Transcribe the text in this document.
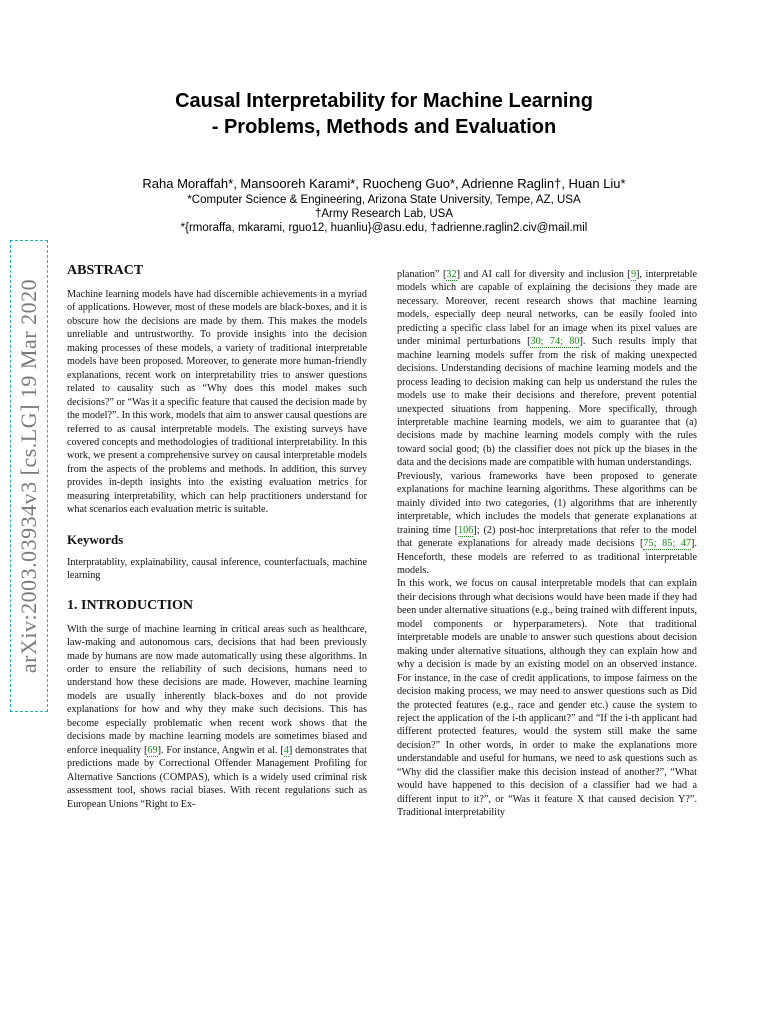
arXiv:2003.03934v3 [cs.LG] 19 Mar 2020
Causal Interpretability for Machine Learning
- Problems, Methods and Evaluation
Raha Moraffah*, Mansooreh Karami*, Ruocheng Guo*, Adrienne Raglin†, Huan Liu*
*Computer Science & Engineering, Arizona State University, Tempe, AZ, USA
†Army Research Lab, USA
*{rmoraffa, mkarami, rguo12, huanliu}@asu.edu, †adrienne.raglin2.civ@mail.mil
ABSTRACT

Machine learning models have had discernible achievements in a myriad of applications. However, most of these models are black-boxes, and it is obscure how the decisions are made by them. This makes the models unreliable and untrustworthy. To provide insights into the decision making processes of these models, a variety of traditional interpretable models have been proposed. Moreover, to generate more human-friendly explanations, recent work on interpretability tries to answer questions related to causality such as “Why does this model makes such decisions?” or “Was it a specific feature that caused the decision made by the model?”. In this work, models that aim to answer causal questions are referred to as causal interpretable models. The existing surveys have covered concepts and methodologies of traditional interpretability. In this work, we present a comprehensive survey on causal interpretable models from the aspects of the problems and methods. In addition, this survey provides in-depth insights into the existing evaluation metrics for measuring interpretability, which can help practitioners understand for what scenarios each evaluation metric is suitable.

Keywords

Interpratablity, explainability, causal inference, counterfactuals, machine learning

1. INTRODUCTION

With the surge of machine learning in critical areas such as healthcare, law-making and autonomous cars, decisions that had been previously made by humans are now made automatically using these algorithms. In order to ensure the reliability of such decisions, humans need to understand how these decisions are made. However, machine learning models are usually inherently black-boxes and do not provide explanations for how and why they make such decisions. This has become especially problematic when recent work shows that the decisions made by machine learning models are sometimes biased and enforce inequality [69]. For instance, Angwin et al. [4] demonstrates that predictions made by Correctional Offender Management Profiling for Alternative Sanctions (COMPAS), which is a widely used criminal risk assessment tool, shows racial biases. With recent regulations such as European Unions “Right to Ex-

planation” [32] and AI call for diversity and inclusion [9], interpretable models which are capable of explaining the decisions they made are necessary. Moreover, recent research shows that machine learning models, especially deep neural networks, can be easily fooled into predicting a specific class label for an image when its pixel values are under minimal perturbations [30; 74; 80]. Such results imply that machine learning models suffer from the risk of making unexpected decisions. Understanding decisions of machine learning models and the process leading to decision making can help us understand the rules the models use to make their decisions and therefore, prevent potential unexpected situations from happening. More specifically, through interpretable machine learning models, we aim to guarantee that (a) decisions made by machine learning models comply with the rules toward social good; (b) the classifier does not pick up the biases in the data and the decisions made are compatible with human understandings.

Previously, various frameworks have been proposed to generate explanations for machine learning algorithms. These algorithms can be mainly divided into two categories, (1) algorithms that are inherently interpretable, which includes the models that generate explanations at training time [106]; (2) post-hoc interpretations that refer to the model that generate explanations for already made decisions [75; 85; 47]. Henceforth, these models are referred to as traditional interpretable models.

In this work, we focus on causal interpretable models that can explain their decisions through what decisions would have been made if they had been under alternative situations (e.g., being trained with different inputs, model components or hyperparameters). Note that traditional interpretable models are unable to answer such questions about decision making under alternative situations, although they can explain how and why a decision is made by an existing model on an observed instance. For instance, in the case of credit applications, to impose fairness on the decision making process, we may need to answer questions such as Did the protected features (e.g., race and gender etc.) cause the system to reject the application of the i-th applicant?” and “If the i-th applicant had different protected features, would the system still make the same decision?” In other words, in order to make the explanations more understandable and useful for humans, we need to ask questions such as “Why did the classifier make this decision instead of another?”, “What would have happened to this decision of a classifier had we had a different input to it?”, or “Was it feature X that caused decision Y?”. Traditional interpretability
